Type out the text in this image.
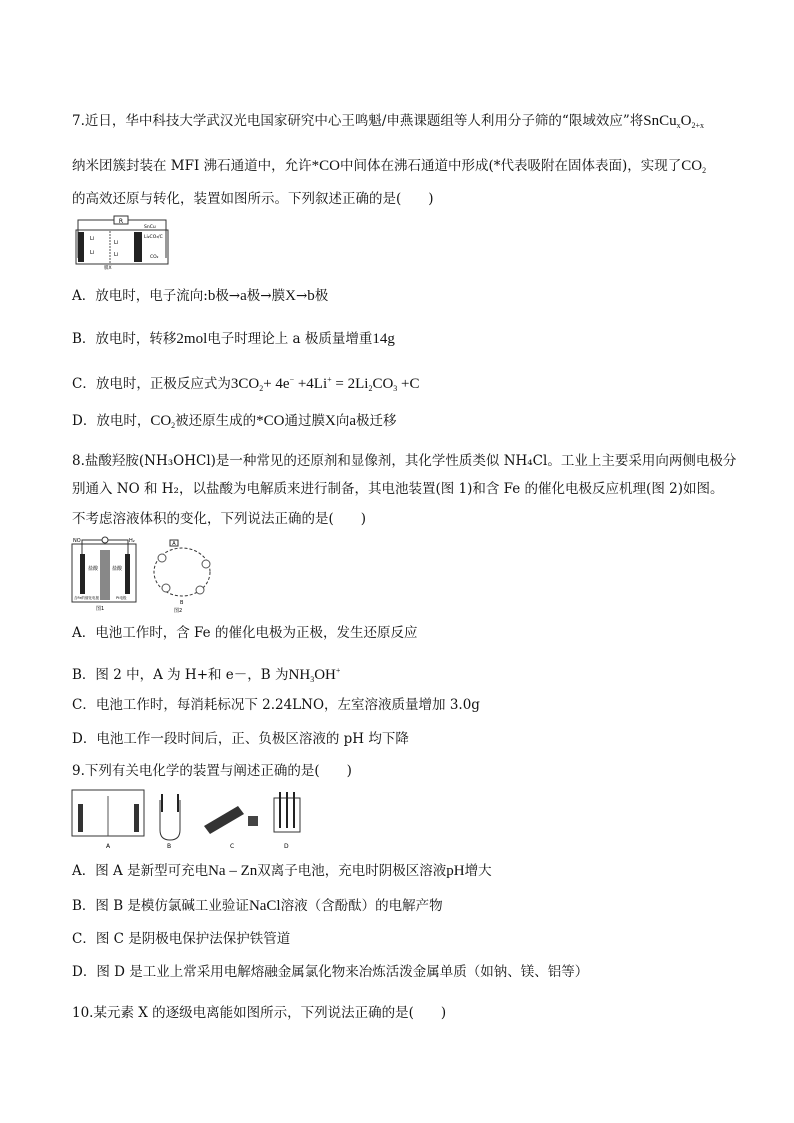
7.近日，华中科技大学武汉光电国家研究中心王鸣魁/申燕课题组等人利用分子筛的“限域效应”将$SnCu_xO_{2+x}$
纳米团簇封装在 MFI 沸石通道中，允许*CO中间体在沸石通道中形成(*代表吸附在固体表面)，实现了$CO_2$
的高效还原与转化，装置如图所示。下列叙述正确的是(　　)
R
Li
Li
Li
Li
SnCu
Li₂CO₃/C
CO₂
膜X
A．放电时，电子流向:b极→a极→膜X→b极
B．放电时，转移2mol电子时理论上 a 极质量增重14g
C．放电时，正极反应式为$3CO_2+ 4e^- +4Li^+ = 2Li_2CO_3 +C$
D．放电时，$CO_2$被还原生成的*CO通过膜X向a极迁移
8.盐酸羟胺(NH₃OHCl)是一种常见的还原剂和显像剂，其化学性质类似 NH₄Cl。工业上主要采用向两侧电极分
别通入 NO 和 H₂，以盐酸为电解质来进行制备，其电池装置(图 1)和含 Fe 的催化电极反应机理(图 2)如图。
不考虑溶液体积的变化，下列说法正确的是(　　)
NO	H₂
盐酸	盐酸
含Fe的催化电极	Pt电极
图1
A
B
图2
A．电池工作时，含 Fe 的催化电极为正极，发生还原反应
B．图 2 中，A 为 H+和 e－，B 为$NH_3OH^+$
C．电池工作时，每消耗标况下 2.24LNO，左室溶液质量增加 3.0g
D．电池工作一段时间后，正、负极区溶液的 pH 均下降
9.下列有关电化学的装置与阐述正确的是(　　)
A	B	C	D
A．图 A 是新型可充电Na – Zn双离子电池，充电时阴极区溶液pH增大
B．图 B 是模仿氯碱工业验证NaCl溶液（含酚酞）的电解产物
C．图 C 是阴极电保护法保护铁管道
D．图 D 是工业上常采用电解熔融金属氯化物来冶炼活泼金属单质（如钠、镁、铝等）
10.某元素 X 的逐级电离能如图所示，下列说法正确的是(　　)
